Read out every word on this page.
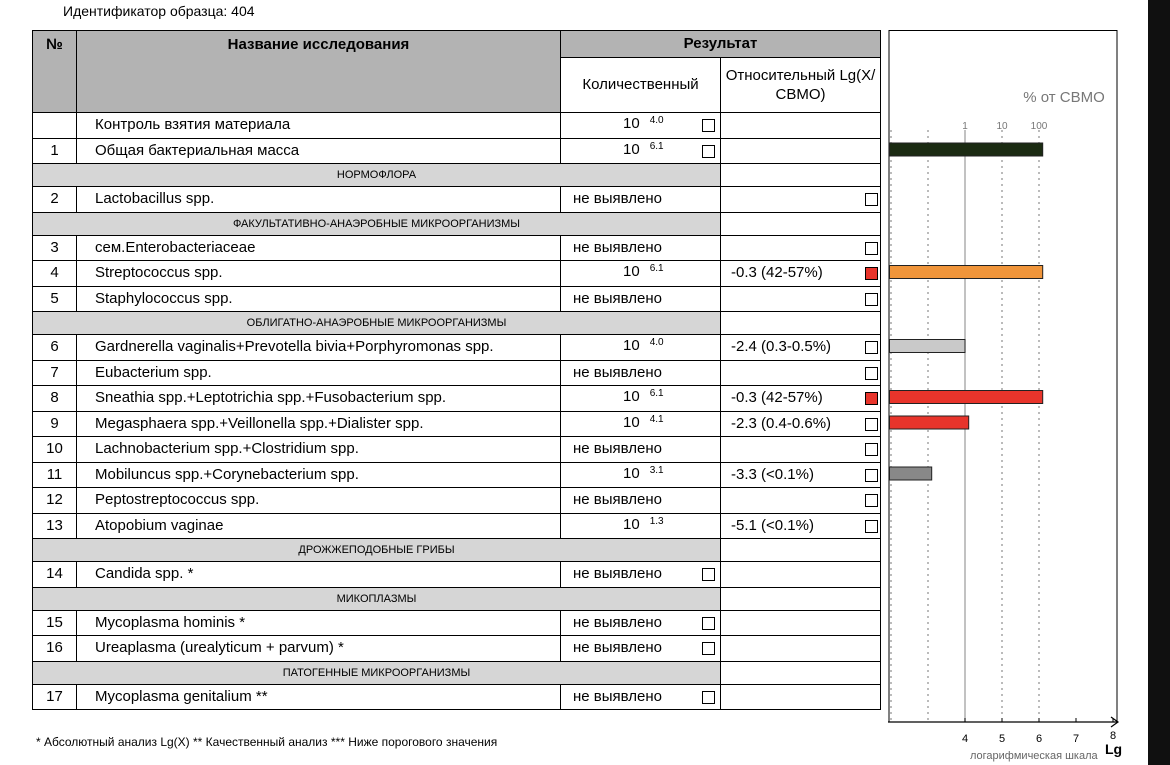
Идентификатор образца: 404
№	Название исследования	Результат	
		Количественный	Относительный Lg(X/СВМО)
	Контроль взятия материала	10 $^{4.0}$

1	Общая бактериальная масса	10 $^{6.1}$

НОРМОФЛОРА			
2	Lactobacillus spp.	не выявлено	

ФАКУЛЬТАТИВНО-АНАЭРОБНЫЕ МИКРООРГАНИЗМЫ			
3	сем.Enterobacteriaceae	не выявлено	

4	Streptococcus spp.	10 $^{6.1}$	-0.3 (42-57%)

5	Staphylococcus spp.	не выявлено	

ОБЛИГАТНО-АНАЭРОБНЫЕ МИКРООРГАНИЗМЫ			
6	Gardnerella vaginalis+Prevotella bivia+Porphyromonas spp.	10 $^{4.0}$	-2.4 (0.3-0.5%)

7	Eubacterium spp.	не выявлено	

8	Sneathia spp.+Leptotrichia spp.+Fusobacterium spp.	10 $^{6.1}$	-0.3 (42-57%)

9	Megasphaera spp.+Veillonella spp.+Dialister spp.	10 $^{4.1}$	-2.3 (0.4-0.6%)

10	Lachnobacterium spp.+Clostridium spp.	не выявлено	

11	Mobiluncus spp.+Corynebacterium spp.	10 $^{3.1}$	-3.3 (<0.1%)

12	Peptostreptococcus spp.	не выявлено	

13	Atopobium vaginae	10 $^{1.3}$	-5.1 (<0.1%)

ДРОЖЖЕПОДОБНЫЕ ГРИБЫ			
14	Candida spp. *	не выявлено

МИКОПЛАЗМЫ			
15	Mycoplasma hominis *	не выявлено

16	Ureaplasma (urealyticum + parvum) *	не выявлено

ПАТОГЕННЫЕ МИКРООРГАНИЗМЫ			
17	Mycoplasma genitalium **	не выявлено

% от СВМО
1	10 100
4	5	6	7	8
логарифмическая шкала Lg
* Абсолютный анализ Lg(X) ** Качественный анализ *** Ниже порогового значения
